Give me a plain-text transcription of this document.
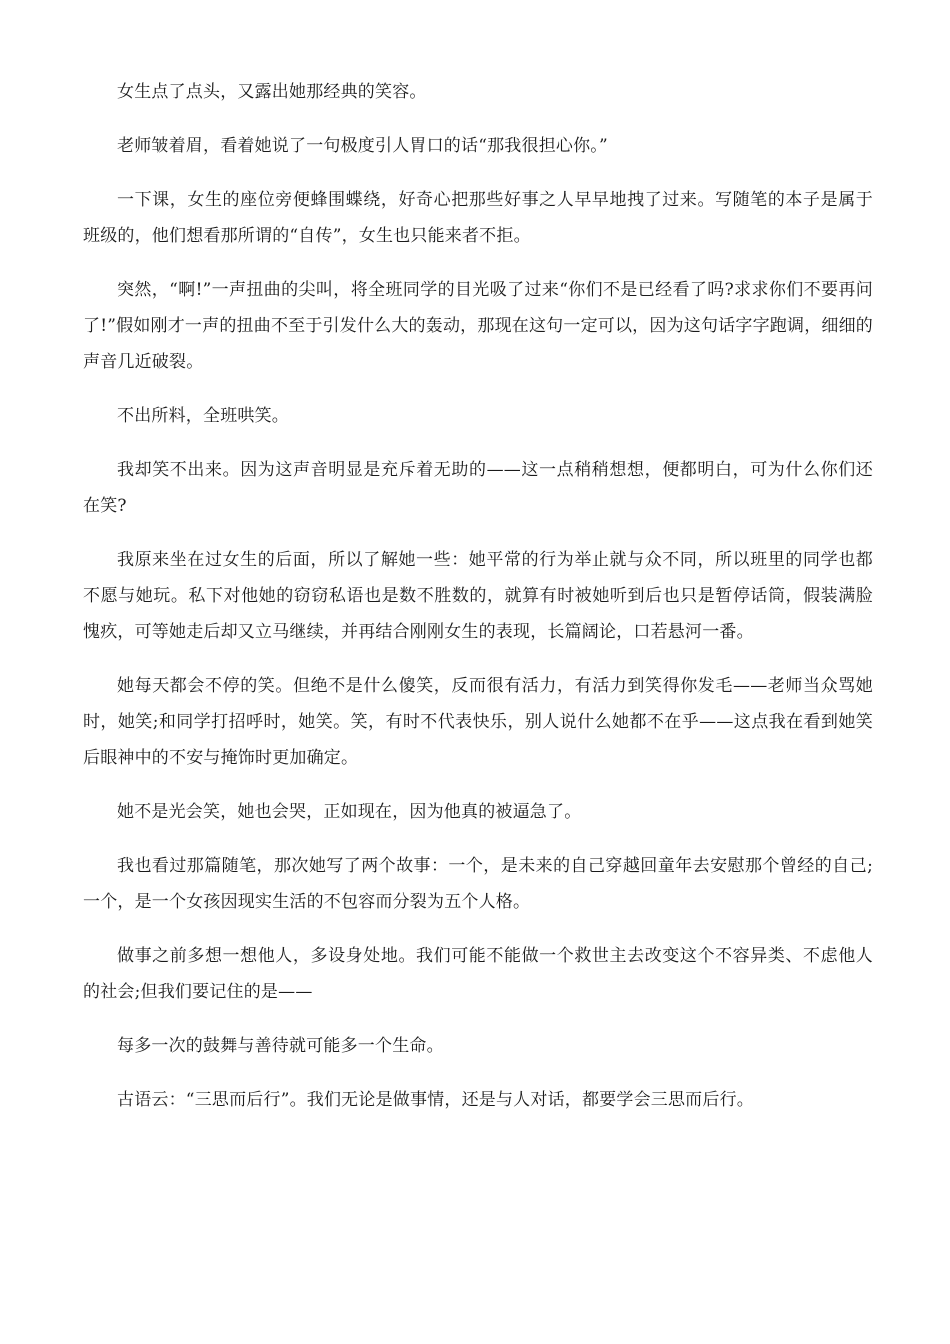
女生点了点头，又露出她那经典的笑容。

老师皱着眉，看着她说了一句极度引人胃口的话“那我很担心你。”

一下课，女生的座位旁便蜂围蝶绕，好奇心把那些好事之人早早地拽了过来。写随笔的本子是属于班级的，他们想看那所谓的“自传”，女生也只能来者不拒。

突然，“啊!”一声扭曲的尖叫，将全班同学的目光吸了过来“你们不是已经看了吗?求求你们不要再问了!”假如刚才一声的扭曲不至于引发什么大的轰动，那现在这句一定可以，因为这句话字字跑调，细细的声音几近破裂。

不出所料，全班哄笑。

我却笑不出来。因为这声音明显是充斥着无助的——这一点稍稍想想，便都明白，可为什么你们还在笑?

我原来坐在过女生的后面，所以了解她一些：她平常的行为举止就与众不同，所以班里的同学也都不愿与她玩。私下对他她的窃窃私语也是数不胜数的，就算有时被她听到后也只是暂停话筒，假装满脸愧疚，可等她走后却又立马继续，并再结合刚刚女生的表现，长篇阔论，口若悬河一番。

她每天都会不停的笑。但绝不是什么傻笑，反而很有活力，有活力到笑得你发毛——老师当众骂她时，她笑;和同学打招呼时，她笑。笑，有时不代表快乐，别人说什么她都不在乎——这点我在看到她笑后眼神中的不安与掩饰时更加确定。

她不是光会笑，她也会哭，正如现在，因为他真的被逼急了。

我也看过那篇随笔，那次她写了两个故事：一个，是未来的自己穿越回童年去安慰那个曾经的自己;一个，是一个女孩因现实生活的不包容而分裂为五个人格。

做事之前多想一想他人，多设身处地。我们可能不能做一个救世主去改变这个不容异类、不虑他人的社会;但我们要记住的是——

每多一次的鼓舞与善待就可能多一个生命。

古语云：“三思而后行”。我们无论是做事情，还是与人对话，都要学会三思而后行。
